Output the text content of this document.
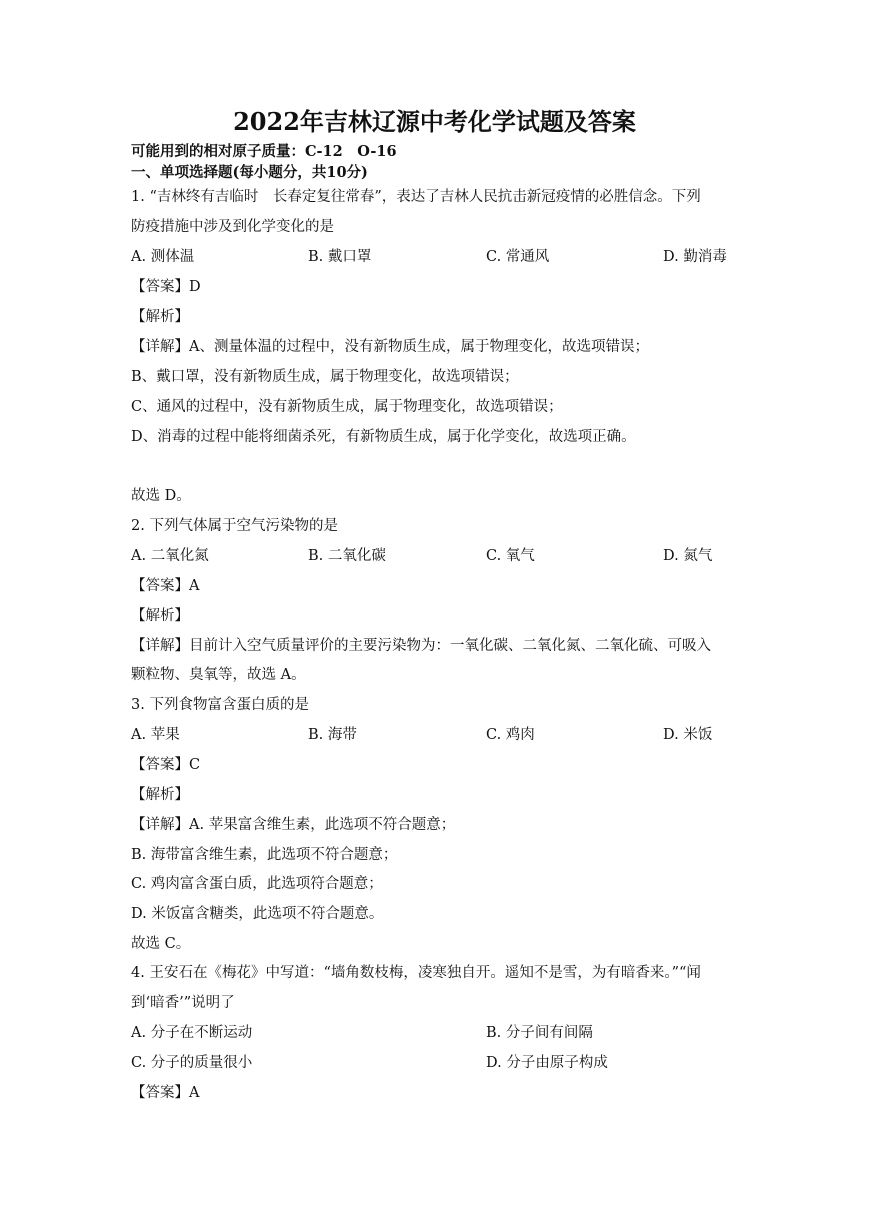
2022年吉林辽源中考化学试题及答案
可能用到的相对原子质量：C-12　O-16
一、单项选择题(每小题分，共10分)
1. “吉林终有吉临时　长春定复往常春”，表达了吉林人民抗击新冠疫情的必胜信念。下列
防疫措施中涉及到化学变化的是
A. 测体温	B. 戴口罩	C. 常通风	D. 勤消毒
【答案】D
【解析】
【详解】A、测量体温的过程中，没有新物质生成，属于物理变化，故选项错误；
B、戴口罩，没有新物质生成，属于物理变化，故选项错误；
C、通风的过程中，没有新物质生成，属于物理变化，故选项错误；
D、消毒的过程中能将细菌杀死，有新物质生成，属于化学变化，故选项正确。
故选 D。
2. 下列气体属于空气污染物的是
A. 二氧化氮	B. 二氧化碳	C. 氧气	D. 氮气
【答案】A
【解析】
【详解】目前计入空气质量评价的主要污染物为：一氧化碳、二氧化氮、二氧化硫、可吸入
颗粒物、臭氧等，故选 A。
3. 下列食物富含蛋白质的是
A. 苹果	B. 海带	C. 鸡肉	D. 米饭
【答案】C
【解析】
【详解】A. 苹果富含维生素，此选项不符合题意；
B. 海带富含维生素，此选项不符合题意；
C. 鸡肉富含蛋白质，此选项符合题意；
D. 米饭富含糖类，此选项不符合题意。
故选 C。
4. 王安石在《梅花》中写道：“墙角数枝梅，凌寒独自开。遥知不是雪，为有暗香来。”“闻
到‘暗香’”说明了
A. 分子在不断运动	B. 分子间有间隔
C. 分子的质量很小	D. 分子由原子构成
【答案】A
